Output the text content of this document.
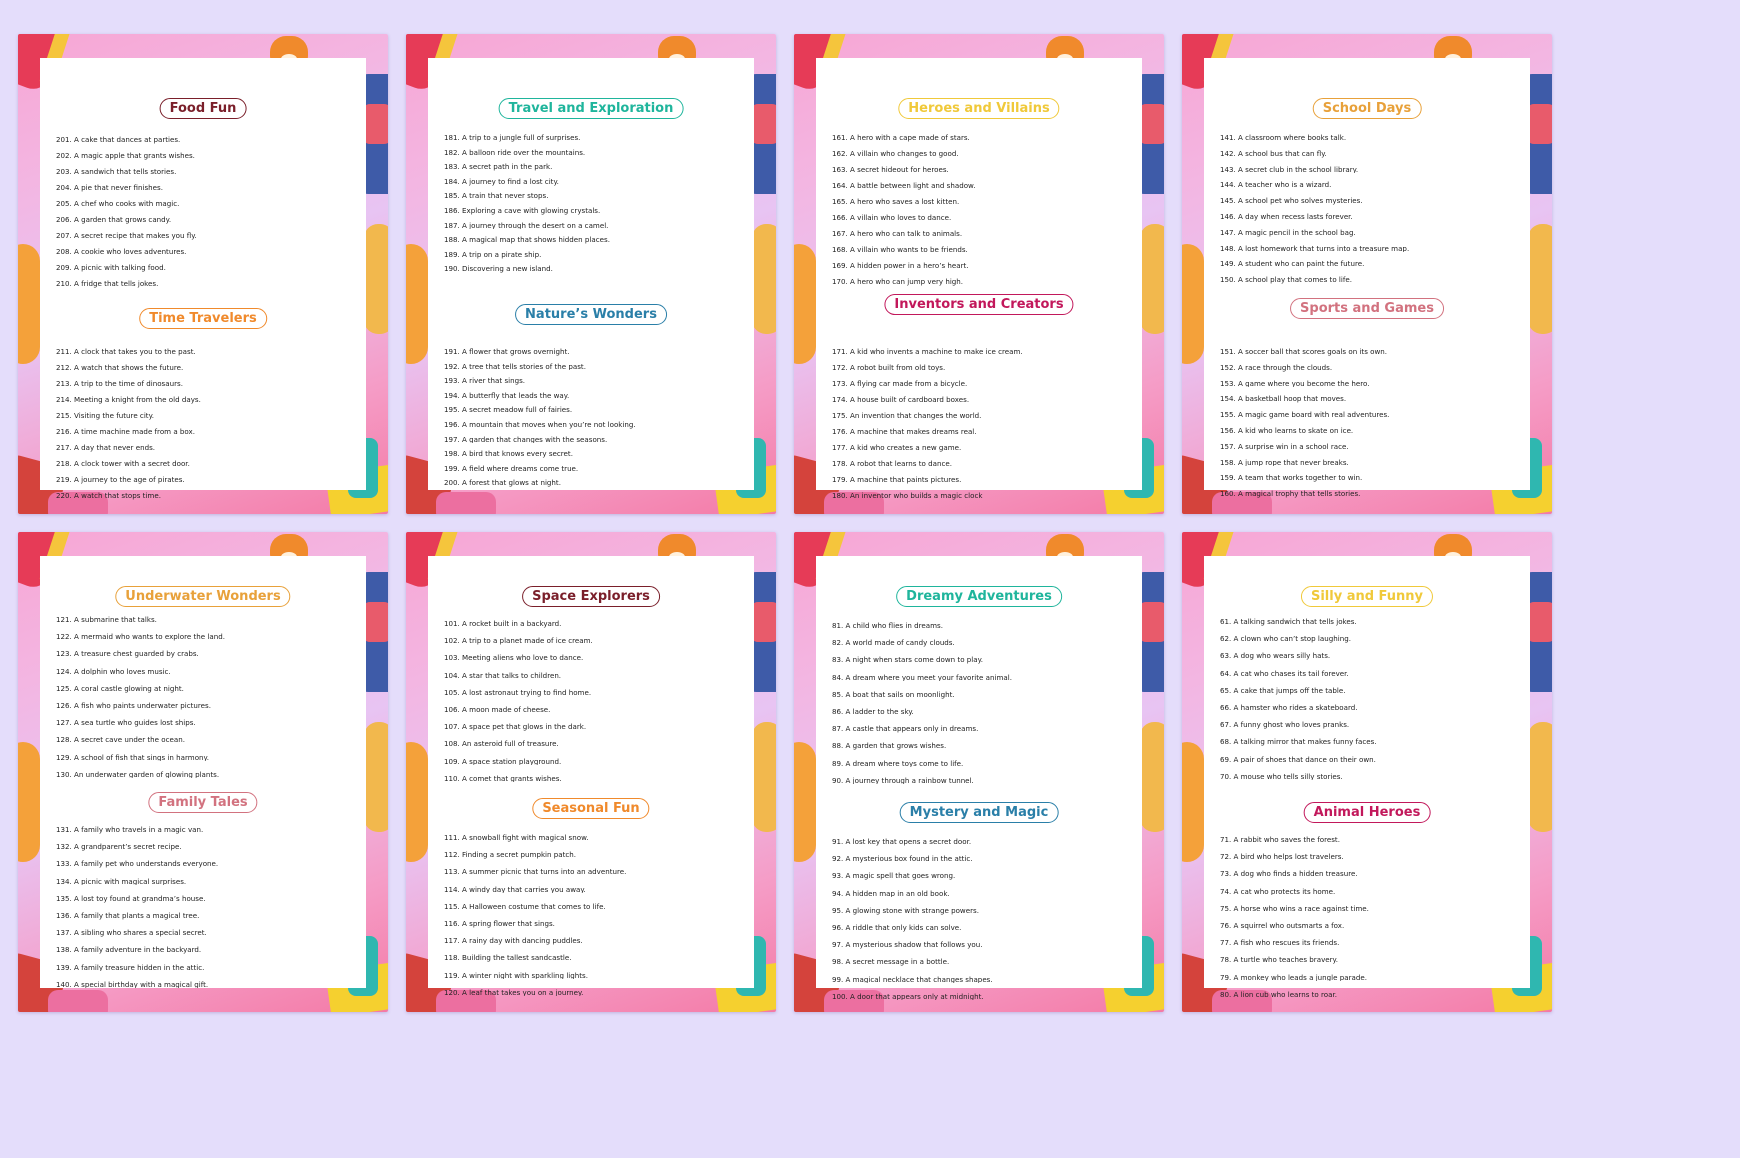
Food Fun
201. A cake that dances at parties.
202. A magic apple that grants wishes.
203. A sandwich that tells stories.
204. A pie that never finishes.
205. A chef who cooks with magic.
206. A garden that grows candy.
207. A secret recipe that makes you fly.
208. A cookie who loves adventures.
209. A picnic with talking food.
210. A fridge that tells jokes.
Time Travelers
211. A clock that takes you to the past.
212. A watch that shows the future.
213. A trip to the time of dinosaurs.
214. Meeting a knight from the old days.
215. Visiting the future city.
216. A time machine made from a box.
217. A day that never ends.
218. A clock tower with a secret door.
219. A journey to the age of pirates.
220. A watch that stops time.
Travel and Exploration
181. A trip to a jungle full of surprises.
182. A balloon ride over the mountains.
183. A secret path in the park.
184. A journey to find a lost city.
185. A train that never stops.
186. Exploring a cave with glowing crystals.
187. A journey through the desert on a camel.
188. A magical map that shows hidden places.
189. A trip on a pirate ship.
190. Discovering a new island.
Nature’s Wonders
191. A flower that grows overnight.
192. A tree that tells stories of the past.
193. A river that sings.
194. A butterfly that leads the way.
195. A secret meadow full of fairies.
196. A mountain that moves when you’re not looking.
197. A garden that changes with the seasons.
198. A bird that knows every secret.
199. A field where dreams come true.
200. A forest that glows at night.
Heroes and Villains
161. A hero with a cape made of stars.
162. A villain who changes to good.
163. A secret hideout for heroes.
164. A battle between light and shadow.
165. A hero who saves a lost kitten.
166. A villain who loves to dance.
167. A hero who can talk to animals.
168. A villain who wants to be friends.
169. A hidden power in a hero’s heart.
170. A hero who can jump very high.
Inventors and Creators
171. A kid who invents a machine to make ice cream.
172. A robot built from old toys.
173. A flying car made from a bicycle.
174. A house built of cardboard boxes.
175. An invention that changes the world.
176. A machine that makes dreams real.
177. A kid who creates a new game.
178. A robot that learns to dance.
179. A machine that paints pictures.
180. An inventor who builds a magic clock
School Days
141. A classroom where books talk.
142. A school bus that can fly.
143. A secret club in the school library.
144. A teacher who is a wizard.
145. A school pet who solves mysteries.
146. A day when recess lasts forever.
147. A magic pencil in the school bag.
148. A lost homework that turns into a treasure map.
149. A student who can paint the future.
150. A school play that comes to life.
Sports and Games
151. A soccer ball that scores goals on its own.
152. A race through the clouds.
153. A game where you become the hero.
154. A basketball hoop that moves.
155. A magic game board with real adventures.
156. A kid who learns to skate on ice.
157. A surprise win in a school race.
158. A jump rope that never breaks.
159. A team that works together to win.
160. A magical trophy that tells stories.
Underwater Wonders
121. A submarine that talks.
122. A mermaid who wants to explore the land.
123. A treasure chest guarded by crabs.
124. A dolphin who loves music.
125. A coral castle glowing at night.
126. A fish who paints underwater pictures.
127. A sea turtle who guides lost ships.
128. A secret cave under the ocean.
129. A school of fish that sings in harmony.
130. An underwater garden of glowing plants.
Family Tales
131. A family who travels in a magic van.
132. A grandparent’s secret recipe.
133. A family pet who understands everyone.
134. A picnic with magical surprises.
135. A lost toy found at grandma’s house.
136. A family that plants a magical tree.
137. A sibling who shares a special secret.
138. A family adventure in the backyard.
139. A family treasure hidden in the attic.
140. A special birthday with a magical gift.
Space Explorers
101. A rocket built in a backyard.
102. A trip to a planet made of ice cream.
103. Meeting aliens who love to dance.
104. A star that talks to children.
105. A lost astronaut trying to find home.
106. A moon made of cheese.
107. A space pet that glows in the dark.
108. An asteroid full of treasure.
109. A space station playground.
110. A comet that grants wishes.
Seasonal Fun
111. A snowball fight with magical snow.
112. Finding a secret pumpkin patch.
113. A summer picnic that turns into an adventure.
114. A windy day that carries you away.
115. A Halloween costume that comes to life.
116. A spring flower that sings.
117. A rainy day with dancing puddles.
118. Building the tallest sandcastle.
119. A winter night with sparkling lights.
120. A leaf that takes you on a journey.
Dreamy Adventures
81. A child who flies in dreams.
82. A world made of candy clouds.
83. A night when stars come down to play.
84. A dream where you meet your favorite animal.
85. A boat that sails on moonlight.
86. A ladder to the sky.
87. A castle that appears only in dreams.
88. A garden that grows wishes.
89. A dream where toys come to life.
90. A journey through a rainbow tunnel.
Mystery and Magic
91. A lost key that opens a secret door.
92. A mysterious box found in the attic.
93. A magic spell that goes wrong.
94. A hidden map in an old book.
95. A glowing stone with strange powers.
96. A riddle that only kids can solve.
97. A mysterious shadow that follows you.
98. A secret message in a bottle.
99. A magical necklace that changes shapes.
100. A door that appears only at midnight.
Silly and Funny
61. A talking sandwich that tells jokes.
62. A clown who can’t stop laughing.
63. A dog who wears silly hats.
64. A cat who chases its tail forever.
65. A cake that jumps off the table.
66. A hamster who rides a skateboard.
67. A funny ghost who loves pranks.
68. A talking mirror that makes funny faces.
69. A pair of shoes that dance on their own.
70. A mouse who tells silly stories.
Animal Heroes
71. A rabbit who saves the forest.
72. A bird who helps lost travelers.
73. A dog who finds a hidden treasure.
74. A cat who protects its home.
75. A horse who wins a race against time.
76. A squirrel who outsmarts a fox.
77. A fish who rescues its friends.
78. A turtle who teaches bravery.
79. A monkey who leads a jungle parade.
80. A lion cub who learns to roar.
